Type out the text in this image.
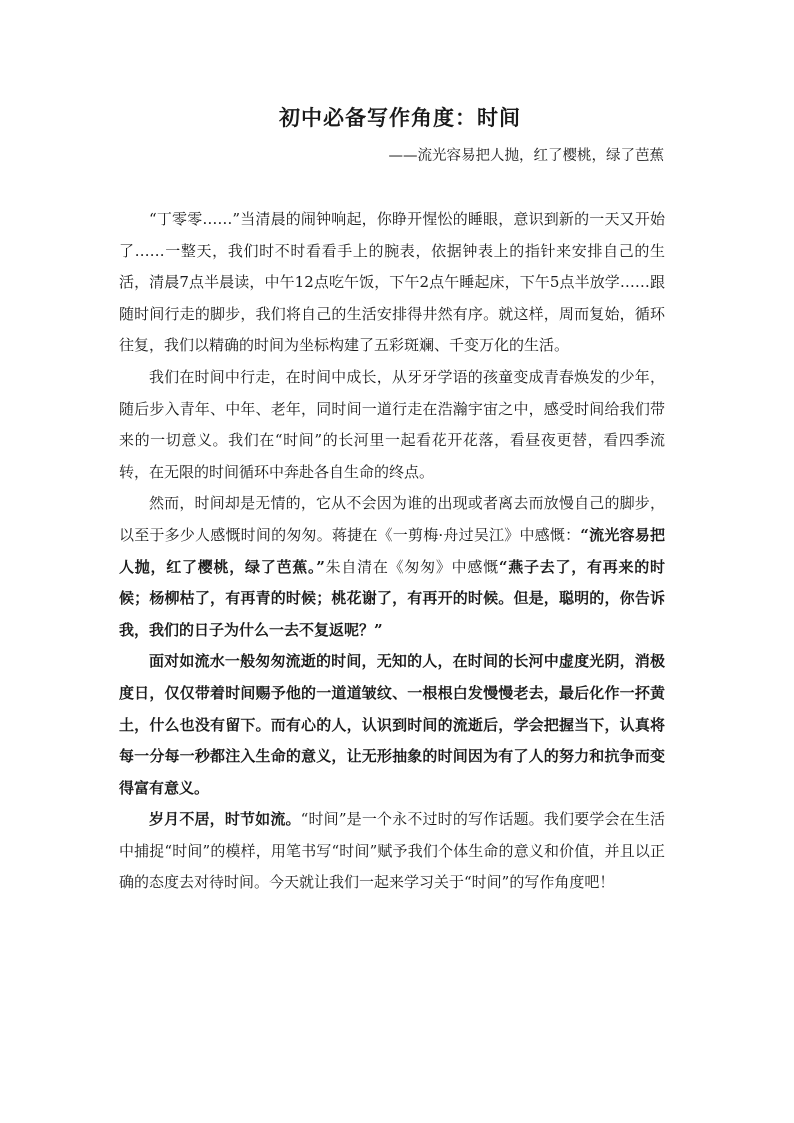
初中必备写作角度：时间

——流光容易把人抛，红了樱桃，绿了芭蕉

“丁零零……”当清晨的闹钟响起，你睁开惺忪的睡眼，意识到新的一天又开始了……一整天，我们时不时看看手上的腕表，依据钟表上的指针来安排自己的生活，清晨7点半晨读，中午12点吃午饭，下午2点午睡起床，下午5点半放学……跟随时间行走的脚步，我们将自己的生活安排得井然有序。就这样，周而复始，循环往复，我们以精确的时间为坐标构建了五彩斑斓、千变万化的生活。

我们在时间中行走，在时间中成长，从牙牙学语的孩童变成青春焕发的少年，随后步入青年、中年、老年，同时间一道行走在浩瀚宇宙之中，感受时间给我们带来的一切意义。我们在“时间”的长河里一起看花开花落，看昼夜更替，看四季流转，在无限的时间循环中奔赴各自生命的终点。

然而，时间却是无情的，它从不会因为谁的出现或者离去而放慢自己的脚步，以至于多少人感慨时间的匆匆。蒋捷在《一剪梅·舟过吴江》中感慨：“流光容易把人抛，红了樱桃，绿了芭蕉。”朱自清在《匆匆》中感慨“燕子去了，有再来的时候；杨柳枯了，有再青的时候；桃花谢了，有再开的时候。但是，聪明的，你告诉我，我们的日子为什么一去不复返呢？”

面对如流水一般匆匆流逝的时间，无知的人，在时间的长河中虚度光阴，消极度日，仅仅带着时间赐予他的一道道皱纹、一根根白发慢慢老去，最后化作一抔黄土，什么也没有留下。而有心的人，认识到时间的流逝后，学会把握当下，认真将每一分每一秒都注入生命的意义，让无形抽象的时间因为有了人的努力和抗争而变得富有意义。

岁月不居，时节如流。“时间”是一个永不过时的写作话题。我们要学会在生活中捕捉“时间”的模样，用笔书写“时间”赋予我们个体生命的意义和价值，并且以正确的态度去对待时间。今天就让我们一起来学习关于“时间”的写作角度吧！
